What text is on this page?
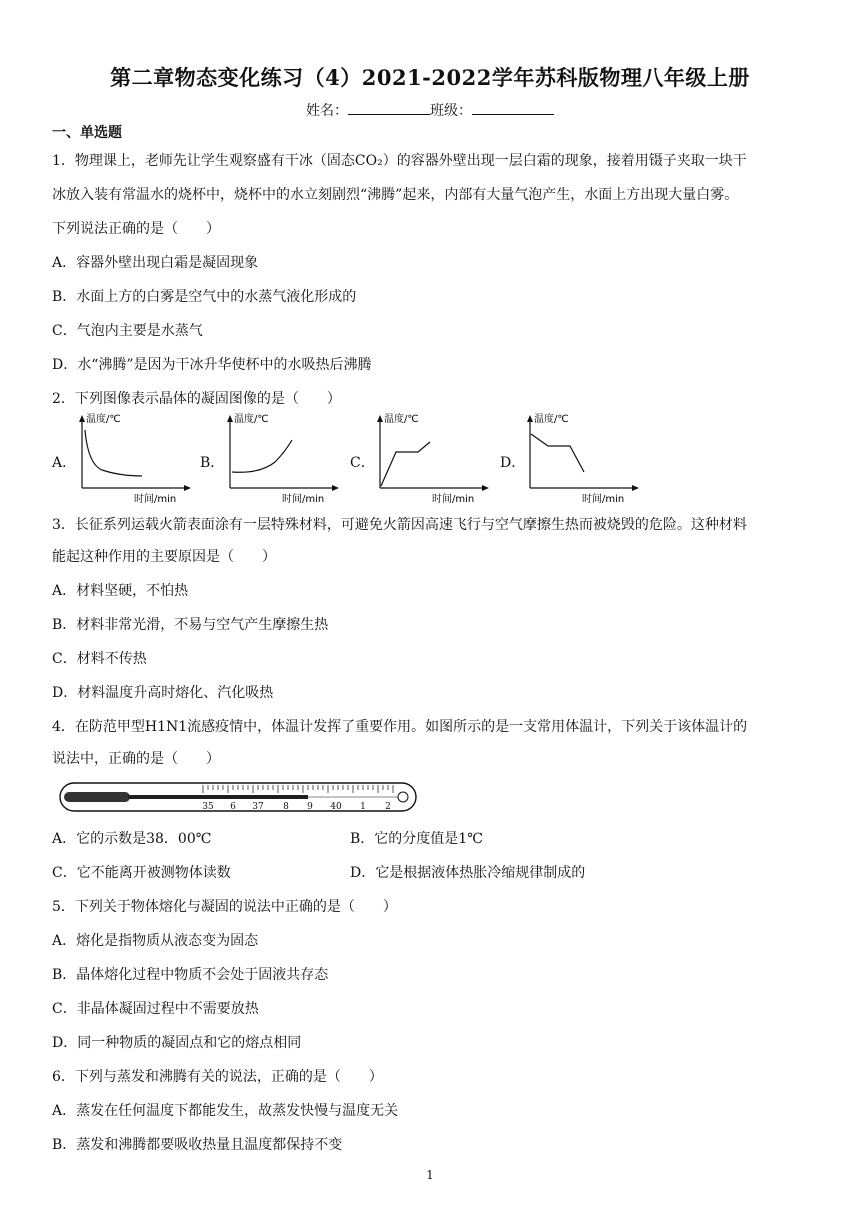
第二章物态变化练习（4）2021-2022学年苏科版物理八年级上册
姓名：	班级：
一、单选题
1．物理课上，老师先让学生观察盛有干冰（固态CO₂）的容器外壁出现一层白霜的现象，接着用镊子夹取一块干
冰放入装有常温水的烧杯中，烧杯中的水立刻剧烈“沸腾”起来，内部有大量气泡产生，水面上方出现大量白雾。
下列说法正确的是（　　）
A．容器外壁出现白霜是凝固现象
B．水面上方的白雾是空气中的水蒸气液化形成的
C．气泡内主要是水蒸气
D．水“沸腾”是因为干冰升华使杯中的水吸热后沸腾
2．下列图像表示晶体的凝固图像的是（　　）
A．
温度/℃
时间/min
B．
温度/℃
时间/min
C．
温度/℃
时间/min
D．
温度/℃
时间/min
3．长征系列运载火箭表面涂有一层特殊材料，可避免火箭因高速飞行与空气摩擦生热而被烧毁的危险。这种材料
能起这种作用的主要原因是（　　）
A．材料坚硬，不怕热
B．材料非常光滑，不易与空气产生摩擦生热
C．材料不传热
D．材料温度升高时熔化、汽化吸热
4．在防范甲型H1N1流感疫情中，体温计发挥了重要作用。如图所示的是一支常用体温计，下列关于该体温计的
说法中，正确的是（　　）
35 6 37 8 9 40 1 2
A．它的示数是38．00℃	B．它的分度值是1℃
C．它不能离开被测物体读数	D．它是根据液体热胀冷缩规律制成的
5．下列关于物体熔化与凝固的说法中正确的是（　　）
A．熔化是指物质从液态变为固态
B．晶体熔化过程中物质不会处于固液共存态
C．非晶体凝固过程中不需要放热
D．同一种物质的凝固点和它的熔点相同
6．下列与蒸发和沸腾有关的说法，正确的是（　　）
A．蒸发在任何温度下都能发生，故蒸发快慢与温度无关
B．蒸发和沸腾都要吸收热量且温度都保持不变
1
